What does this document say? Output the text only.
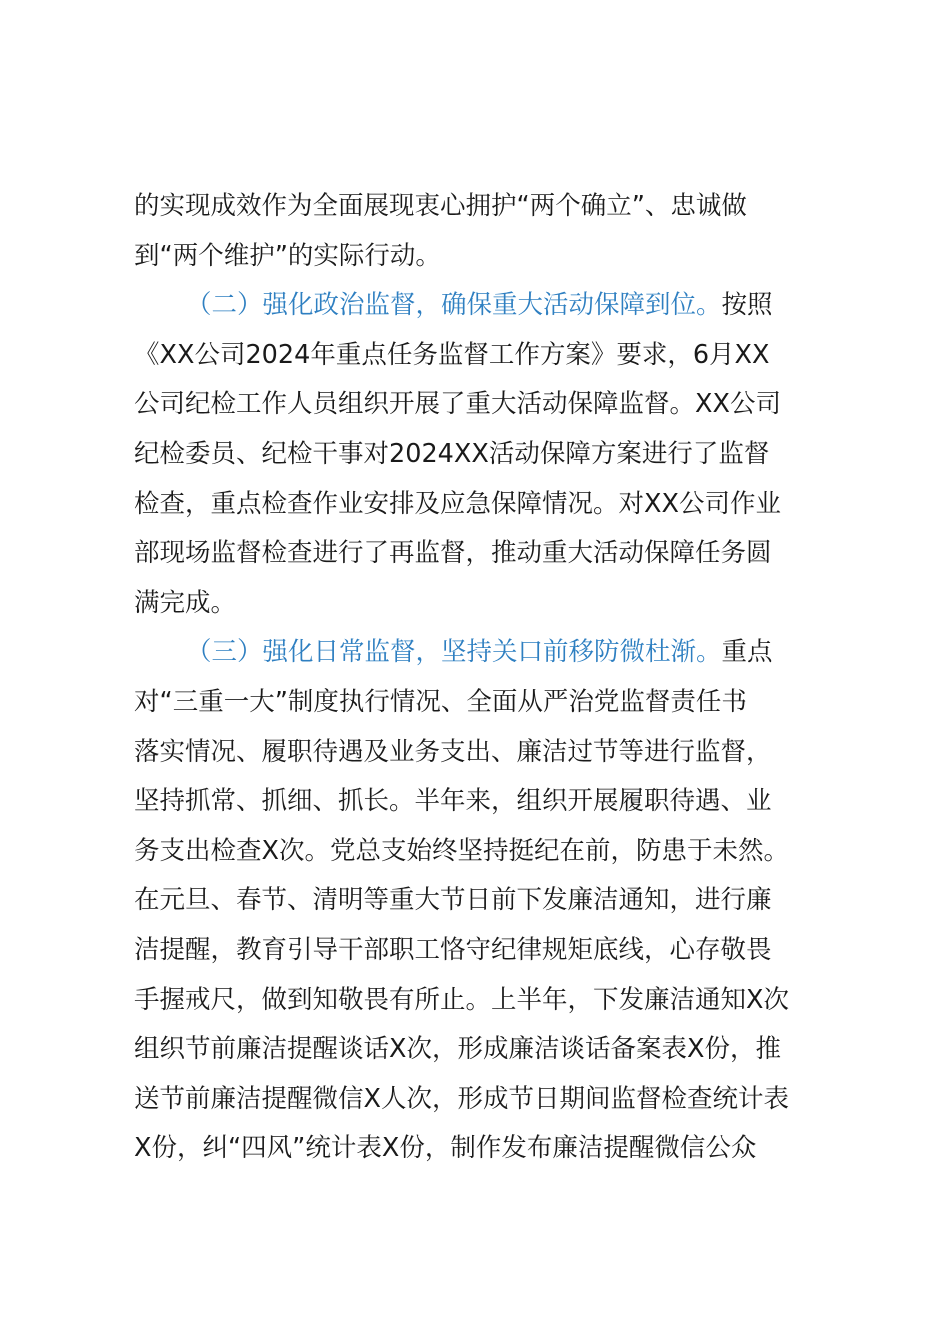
的实现成效作为全面展现衷心拥护“两个确立”、忠诚做
到“两个维护”的实际行动。
（二）强化政治监督，确保重大活动保障到位。按照
《XX公司2024年重点任务监督工作方案》要求，6月XX
公司纪检工作人员组织开展了重大活动保障监督。XX公司
纪检委员、纪检干事对2024XX活动保障方案进行了监督
检查，重点检查作业安排及应急保障情况。对XX公司作业
部现场监督检查进行了再监督，推动重大活动保障任务圆
满完成。
（三）强化日常监督，坚持关口前移防微杜渐。重点
对“三重一大”制度执行情况、全面从严治党监督责任书
落实情况、履职待遇及业务支出、廉洁过节等进行监督，
坚持抓常、抓细、抓长。半年来，组织开展履职待遇、业
务支出检查X次。党总支始终坚持挺纪在前，防患于未然。
在元旦、春节、清明等重大节日前下发廉洁通知，进行廉
洁提醒，教育引导干部职工恪守纪律规矩底线，心存敬畏
手握戒尺，做到知敬畏有所止。上半年，下发廉洁通知X次
组织节前廉洁提醒谈话X次，形成廉洁谈话备案表X份，推
送节前廉洁提醒微信X人次，形成节日期间监督检查统计表
X份，纠“四风”统计表X份，制作发布廉洁提醒微信公众
